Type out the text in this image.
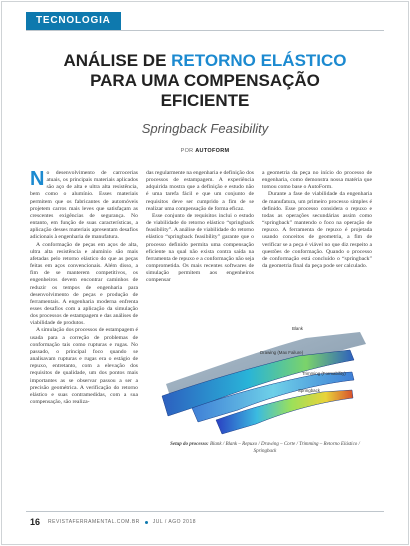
TECNOLOGIA
ANÁLISE DE RETORNO ELÁSTICO
PARA UMA COMPENSAÇÃO
EFICIENTE
Springback Feasibility
POR AUTOFORM

No desenvolvimento de carrocerias atuais, os principais materiais aplicados são aço de alta e ultra alta resistência, bem como o alumínio. Esses materiais permitem que os fabricantes de automóveis projetem carros mais leves que satisfaçam as crescentes exigências de segurança. No entanto, em função de suas características, a aplicação desses materiais apresentam desafios adicionais à engenharia de manufatura.

A conformação de peças em aços de alta, ultra alta resistência e alumínio são mais afetadas pelo retorno elástico do que as peças feitas em aços convencionais. Além disso, a fim de se manterem competitivos, os engenheiros devem encontrar caminhos de reduzir os tempos de engenharia para desenvolvimento de peças e produção de ferramentais. A engenharia moderna enfrenta esses desafios com a aplicação da simulação dos processos de estampagem e das análises de viabilidade de produtos.

A simulação dos processos de estampagem é usada para a correção de problemas de conformação tais como rupturas e rugas. No passado, o principal foco quando se analisavam rupturas e rugas era o estágio de repuxo, entretanto, com a elevação dos requisitos de qualidade, um dos pontos mais importantes as se observar passou a ser a precisão geométrica. A verificação do retorno elástico e suas contramedidas, com a sua compensação, são realiza-

das regularmente na engenharia e definição dos processos de estampagem. A experiência adquirida mostra que a definição e estudo não é uma tarefa fácil e que um conjunto de requisitos deve ser cumprido a fim de se realizar uma compensação de forma eficaz.

Esse conjunto de requisitos inclui o estudo de viabilidade do retorno elástico “springback feasibility”. A análise de viabilidade do retorno elástico “springback feasibility” garante que o processo definido permita uma compensação eficiente na qual não exista contra saída na ferramenta de repuxo e a conformação não seja comprometida. Os mais recentes softwares de simulação permitem aos engenheiros compensar

a geometria da peça no início do processo de engenharia, como demonstra nossa matéria que tomou como base o AutoForm.

Durante a fase de viabilidade da engenharia de manufatura, um primeiro processo simples é definido. Esse processo considera o repuxo e todas as operações secundárias assim como “springback” mantendo o foco na operação de repuxo. A ferramenta de repuxo é projetada usando conceitos de geometria, a fim de verificar se a peça é viável no que diz respeito a questões de conformação. Quando o processo de conformação está concluído o “springback” da geometria final da peça pode ser calculado.

Blank
Drawing (Max Failure)
Trimming (Formability)
Springback
Setup do processo: Blank / Blank – Repuxo / Drawing – Corte / Trimming – Retorno Elástico / Springback
16 REVISTAFERRAMENTAL.COM.BR	JUL / AGO 2018
